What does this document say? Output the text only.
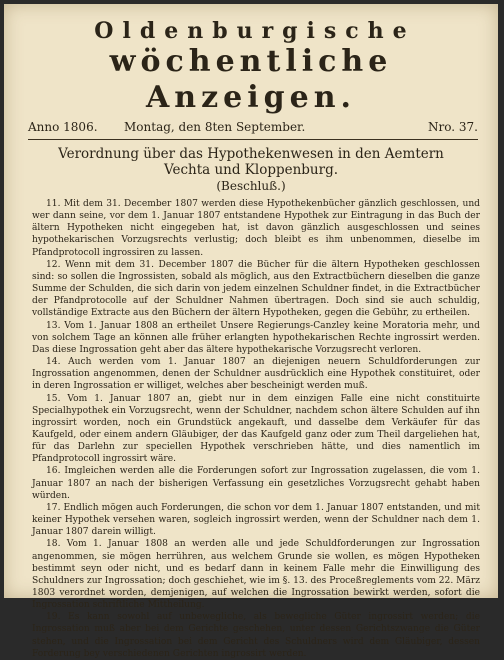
Oldenburgische
wöchentliche Anzeigen.
Anno 1806. Montag, den 8ten September.	Nro. 37.
Verordnung über das Hypothekenwesen in den Aemtern
Vechta und Kloppenburg.
(Beschluß.)

11. Mit dem 31. December 1807 werden diese Hypothekenbücher gänzlich geschlossen, und wer dann seine, vor dem 1. Januar 1807 entstandene Hypothek zur Eintragung in das Buch der ältern Hypotheken nicht eingegeben hat, ist davon gänzlich ausgeschlossen und seines hypothekarischen Vorzugsrechts verlustig; doch bleibt es ihm unbenommen, dieselbe im Pfandprotocoll ingrossiren zu lassen.

12. Wenn mit dem 31. December 1807 die Bücher für die ältern Hypotheken geschlossen sind: so sollen die Ingrossisten, sobald als möglich, aus den Extractbüchern dieselben die ganze Summe der Schulden, die sich darin von jedem einzelnen Schuldner findet, in die Extractbücher der Pfandprotocolle auf der Schuldner Nahmen übertragen. Doch sind sie auch schuldig, vollständige Extracte aus den Büchern der ältern Hypotheken, gegen die Gebühr, zu ertheilen.

13. Vom 1. Januar 1808 an ertheilet Unsere Regierungs-Canzley keine Moratoria mehr, und von solchem Tage an können alle früher erlangten hypothekarischen Rechte ingrossirt werden. Das diese Ingrossation geht aber das ältere hypothekarische Vorzugsrecht verloren.

14. Auch werden vom 1. Januar 1807 an diejenigen neuern Schuldforderungen zur Ingrossation angenommen, denen der Schuldner ausdrücklich eine Hypothek constituiret, oder in deren Ingrossation er williget, welches aber bescheinigt werden muß.

15. Vom 1. Januar 1807 an, giebt nur in dem einzigen Falle eine nicht constituirte Specialhypothek ein Vorzugsrecht, wenn der Schuldner, nachdem schon ältere Schulden auf ihn ingrossirt worden, noch ein Grundstück angekauft, und dasselbe dem Verkäufer für das Kaufgeld, oder einem andern Gläubiger, der das Kaufgeld ganz oder zum Theil dargeliehen hat, für das Darlehn zur speciellen Hypothek verschrieben hätte, und dies namentlich im Pfandprotocoll ingrossirt wäre.

16. Imgleichen werden alle die Forderungen sofort zur Ingrossation zugelassen, die vom 1. Januar 1807 an nach der bisherigen Verfassung ein gesetzliches Vorzugsrecht gehabt haben würden.

17. Endlich mögen auch Forderungen, die schon vor dem 1. Januar 1807 entstanden, und mit keiner Hypothek versehen waren, sogleich ingrossirt werden, wenn der Schuldner nach dem 1. Januar 1807 darein willigt.

18. Vom 1. Januar 1808 an werden alle und jede Schuldforderungen zur Ingrossation angenommen, sie mögen herrühren, aus welchem Grunde sie wollen, es mögen Hypotheken bestimmt seyn oder nicht, und es bedarf dann in keinem Falle mehr die Einwilligung des Schuldners zur Ingrossation; doch geschiehet, wie im §. 13. des Proceßreglements vom 22. März 1803 verordnet worden, demjenigen, auf welchen die Ingrossation bewirkt werden, sofort die Ingrossation schriftliche Mittheilung.

19. Es kann sowohl auf unbewegliche, als bewegliche Güter ingrossirt werden; die Ingrossation muß aber bei dem Gerichte geschehen, unter dessen Gerichtszwange die Güter stehen, und die Ingrossation bei dem Gericht des Schuldners wird dem Gläubiger, dessen Forderung bey verschiedenen Gerichten ingrossirt werden.
